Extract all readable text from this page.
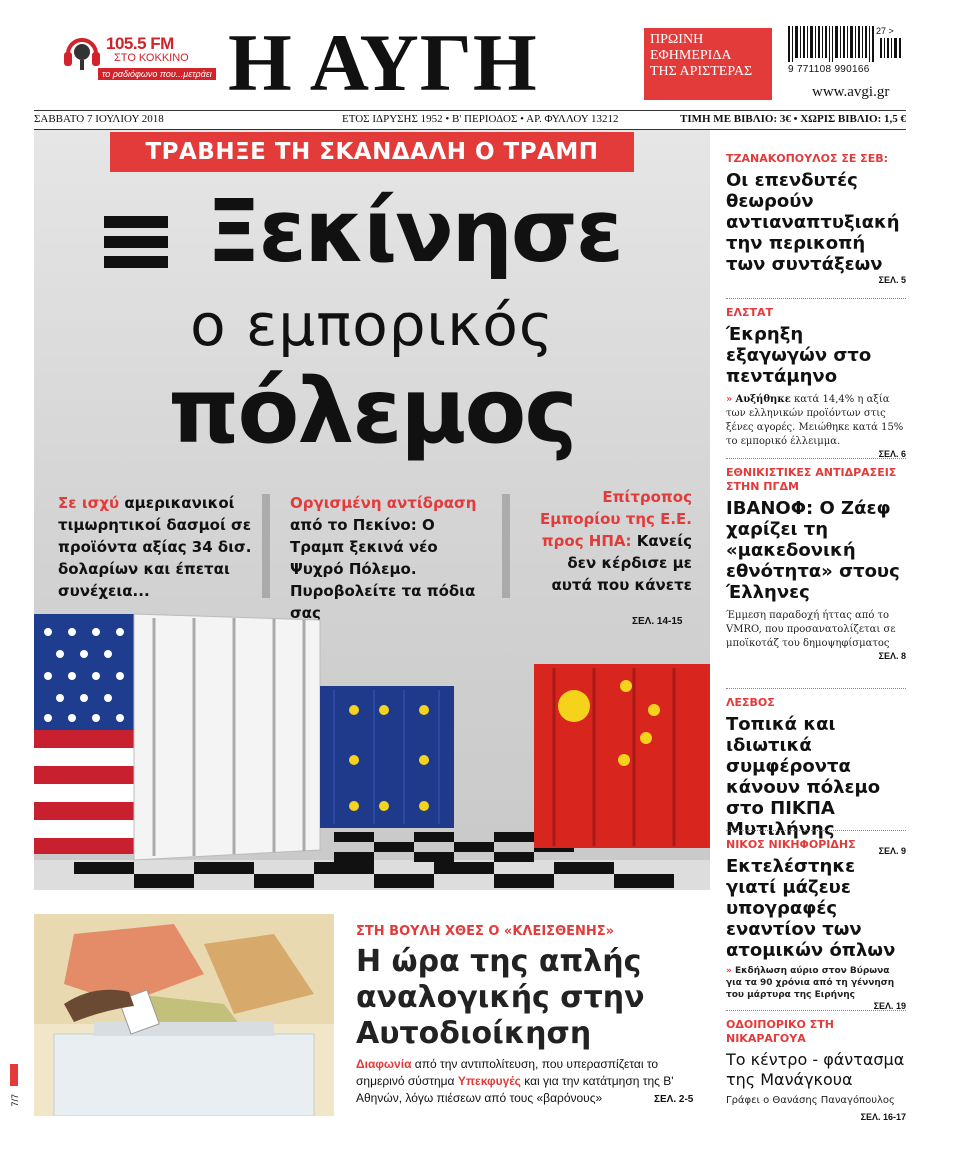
105.5 FM
ΣΤΟ ΚΟΚΚΙΝΟ
το ραδιόφωνο που...μετράει Η ΑΥΓΗ	ΠΡΩΙΝΗ
ΕΦΗΜΕΡΙΔΑ
ΤΗΣ ΑΡΙΣΤΕΡΑΣ
27 >
9 771108 990166
www.avgi.gr
ΣΑΒΒΑΤΟ 7 ΙΟΥΛΙΟΥ 2018	ΕΤΟΣ ΙΔΡΥΣΗΣ 1952 • Β' ΠΕΡΙΟΔΟΣ • ΑΡ. ΦΥΛΛΟΥ 13212	ΤΙΜΗ ΜΕ ΒΙΒΛΙΟ: 3€ • ΧΩΡΙΣ ΒΙΒΛΙΟ: 1,5 €
ΤΡΑΒΗΞΕ ΤΗ ΣΚΑΝΔΑΛΗ Ο ΤΡΑΜΠ
Ξεκίνησε
ο εμπορικός
πόλεμος
Σε ισχύ αμερικανικοί τιμωρητικοί δασμοί σε προϊόντα αξίας 34 δισ. δολαρίων και έπεται συνέχεια...
Οργισμένη αντίδραση από το Πεκίνο: Ο Τραμπ ξεκινά νέο Ψυχρό Πόλεμο. Πυροβολείτε τα πόδια σας
Επίτροπος Εμπορίου της Ε.Ε. προς ΗΠΑ: Κανείς δεν κέρδισε με αυτά που κάνετε
ΣΕΛ. 14-15
7/7
ΣΤΗ ΒΟΥΛΗ ΧΘΕΣ Ο «ΚΛΕΙΣΘΕΝΗΣ»
Η ώρα της απλής αναλογικής στην Αυτοδιοίκηση
Διαφωνία από την αντιπολίτευση, που υπερασπίζεται το σημερινό σύστημα Υπεκφυγές και για την κατάτμηση της Β' Αθηνών, λόγω πιέσεων από τους «βαρόνους»	ΣΕΛ. 2-5
ΤΖΑΝΑΚΟΠΟΥΛΟΣ ΣΕ ΣΕΒ:
Οι επενδυτές θεωρούν αντιαναπτυξιακή την περικοπή των συντάξεων
ΣΕΛ. 5
ΕΛΣΤΑΤ
Έκρηξη εξαγωγών στο πεντάμηνο
» Αυξήθηκε κατά 14,4% η αξία των ελληνικών προϊόντων στις ξένες αγορές. Μειώθηκε κατά 15% το εμπορικό έλλειμμα.
ΣΕΛ. 6
ΕΘΝΙΚΙΣΤΙΚΕΣ ΑΝΤΙΔΡΑΣΕΙΣ ΣΤΗΝ ΠΓΔΜ
ΙΒΑΝΟΦ: Ο Ζάεφ χαρίζει τη «μακεδονική εθνότητα» στους Έλληνες
Έμμεση παραδοχή ήττας από το VMRO, που προσανατολίζεται σε μποϊκοτάζ του δημοψηφίσματος
ΣΕΛ. 8
ΛΕΣΒΟΣ
Τοπικά και ιδιωτικά συμφέροντα κάνουν πόλεμο στο ΠΙΚΠΑ Μυτιλήνης
ΣΕΛ. 9
ΝΙΚΟΣ ΝΙΚΗΦΟΡΙΔΗΣ
Εκτελέστηκε γιατί μάζευε υπογραφές εναντίον των ατομικών όπλων
» Εκδήλωση αύριο στον Βύρωνα για τα 90 χρόνια από τη γέννηση του μάρτυρα της Ειρήνης
ΣΕΛ. 19
ΟΔΟΙΠΟΡΙΚΟ ΣΤΗ ΝΙΚΑΡΑΓΟΥΑ
Το κέντρο - φάντασμα της Μανάγκουα
Γράφει ο Θανάσης Παναγόπουλος
ΣΕΛ. 16-17
